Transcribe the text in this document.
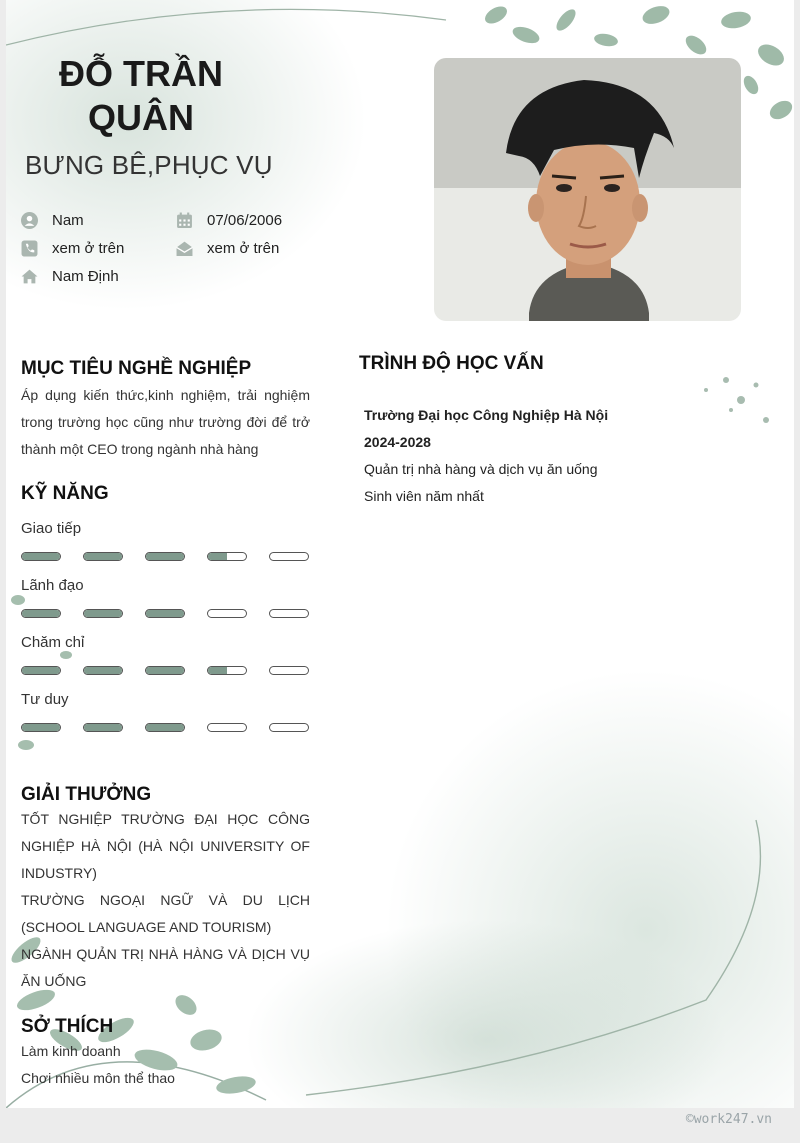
ĐỖ TRẦN
QUÂN
BƯNG BÊ,PHỤC VỤ
Nam	07/06/2006
xem ở trên	xem ở trên
Nam Định
MỤC TIÊU NGHỀ NGHIỆP
Áp dụng kiến thức,kinh nghiệm, trải nghiệm trong trường học cũng như trường đời để trở thành một CEO trong ngành nhà hàng
KỸ NĂNG
Giao tiếp
Lãnh đạo
Chăm chỉ
Tư duy
GIẢI THƯỞNG
TỐT NGHIỆP TRƯỜNG ĐẠI HỌC CÔNG NGHIỆP HÀ NỘI (HÀ NỘI UNIVERSITY OF INDUSTRY)
TRƯỜNG NGOẠI NGỮ VÀ DU LỊCH (SCHOOL LANGUAGE AND TOURISM)
NGÀNH QUẢN TRỊ NHÀ HÀNG VÀ DỊCH VỤ ĂN UỐNG
SỞ THÍCH
Làm kinh doanh
Chơi nhiều môn thể thao
TRÌNH ĐỘ HỌC VẤN
Trường Đại học Công Nghiệp Hà Nội
2024-2028
Quản trị nhà hàng và dịch vụ ăn uống
Sinh viên năm nhất
©work247.vn
